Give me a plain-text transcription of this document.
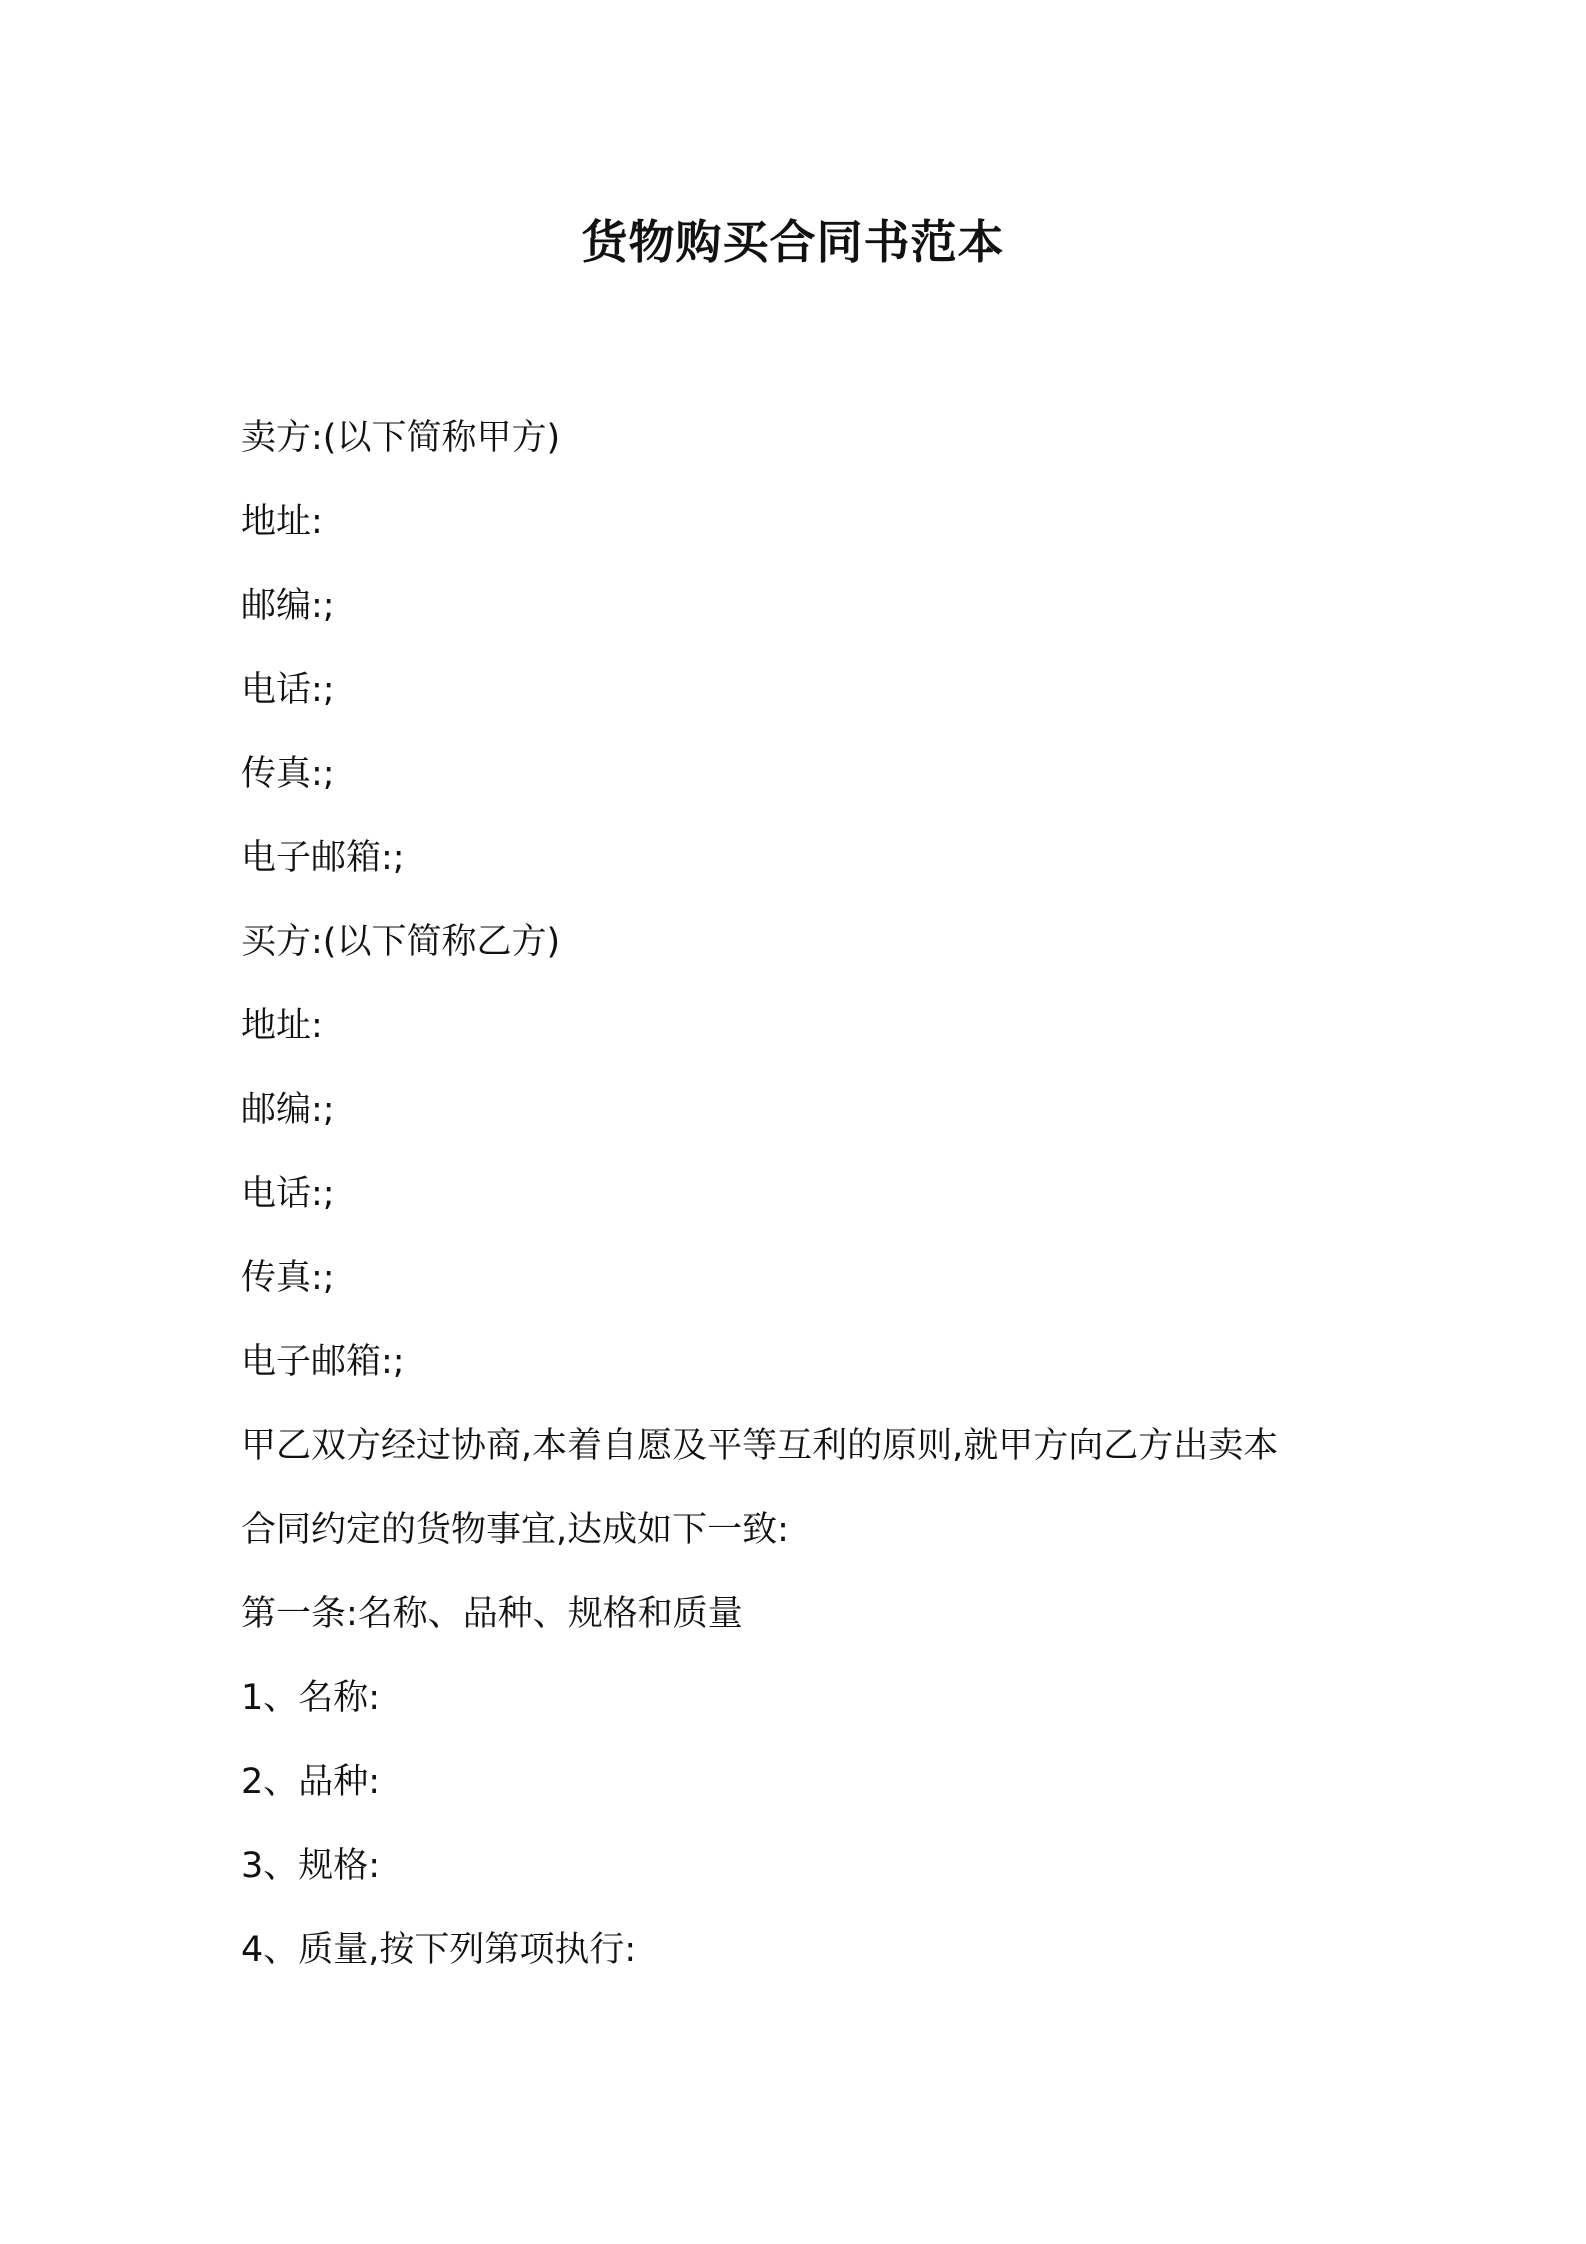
货物购买合同书范本
卖方:(以下简称甲方)
地址:
邮编:;
电话:;
传真:;
电子邮箱:;
买方:(以下简称乙方)
地址:
邮编:;
电话:;
传真:;
电子邮箱:;
甲乙双方经过协商,本着自愿及平等互利的原则,就甲方向乙方出卖本
合同约定的货物事宜,达成如下一致:
第一条:名称、品种、规格和质量
1、名称:
2、品种:
3、规格:
4、质量,按下列第项执行:
